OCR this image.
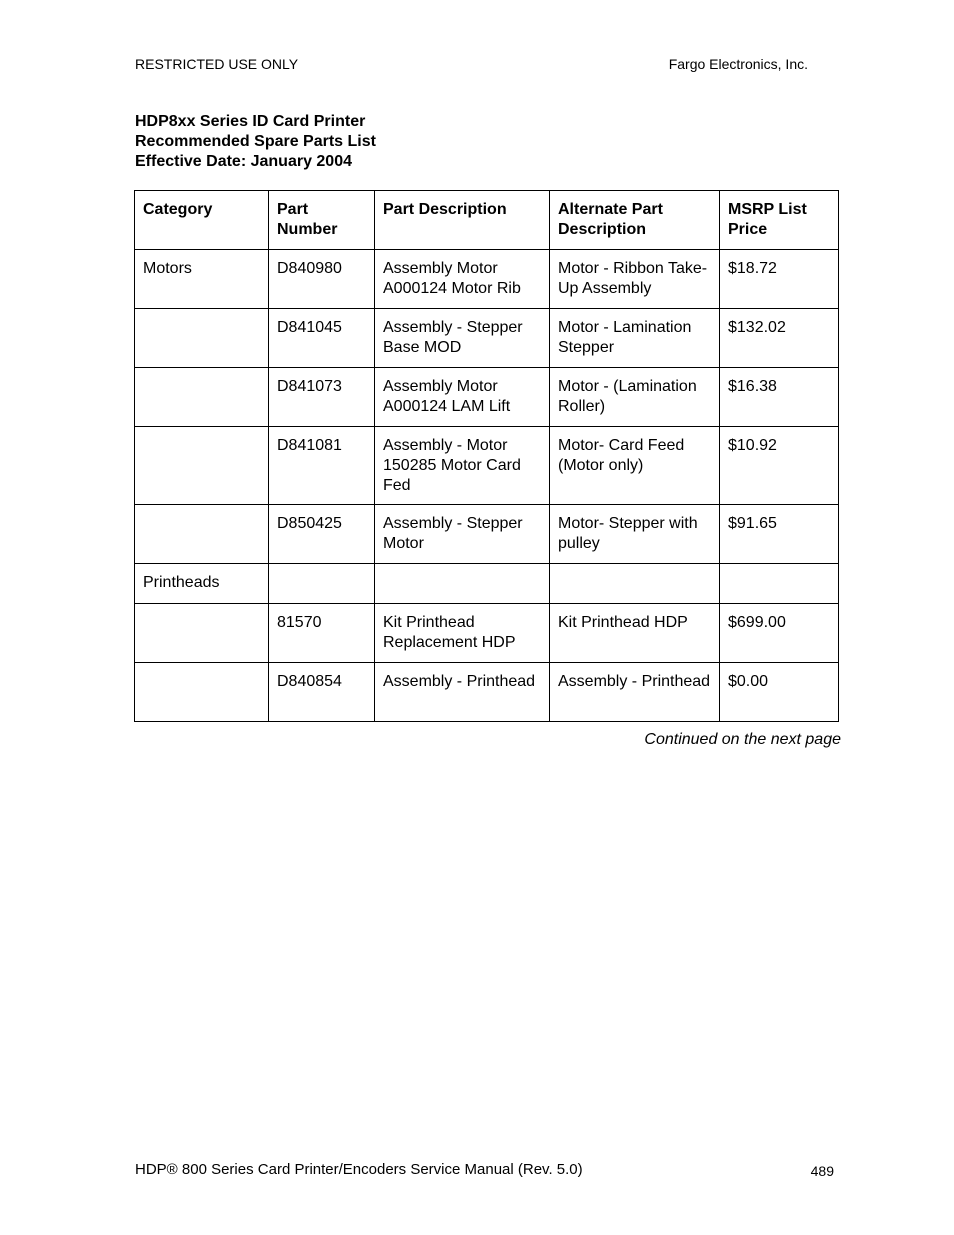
RESTRICTED USE ONLY	Fargo Electronics, Inc.
HDP8xx Series ID Card Printer
Recommended Spare Parts List
Effective Date: January 2004
Category	Part Number	Part Description	Alternate Part Description	MSRP List Price
Motors	D840980	Assembly Motor A000124 Motor Rib	Motor - Ribbon Take-Up Assembly	$18.72
	D841045	Assembly - Stepper Base MOD	Motor - Lamination Stepper	$132.02
	D841073	Assembly Motor A000124 LAM Lift	Motor - (Lamination Roller)	$16.38
	D841081	Assembly - Motor 150285 Motor Card Fed	Motor- Card Feed (Motor only)	$10.92
	D850425	Assembly - Stepper Motor	Motor- Stepper with pulley	$91.65
Printheads				
	81570	Kit Printhead Replacement HDP	Kit Printhead HDP	$699.00
	D840854	Assembly - Printhead	Assembly - Printhead	$0.00
Continued on the next page
HDP® 800 Series Card Printer/Encoders Service Manual (Rev. 5.0)	489
